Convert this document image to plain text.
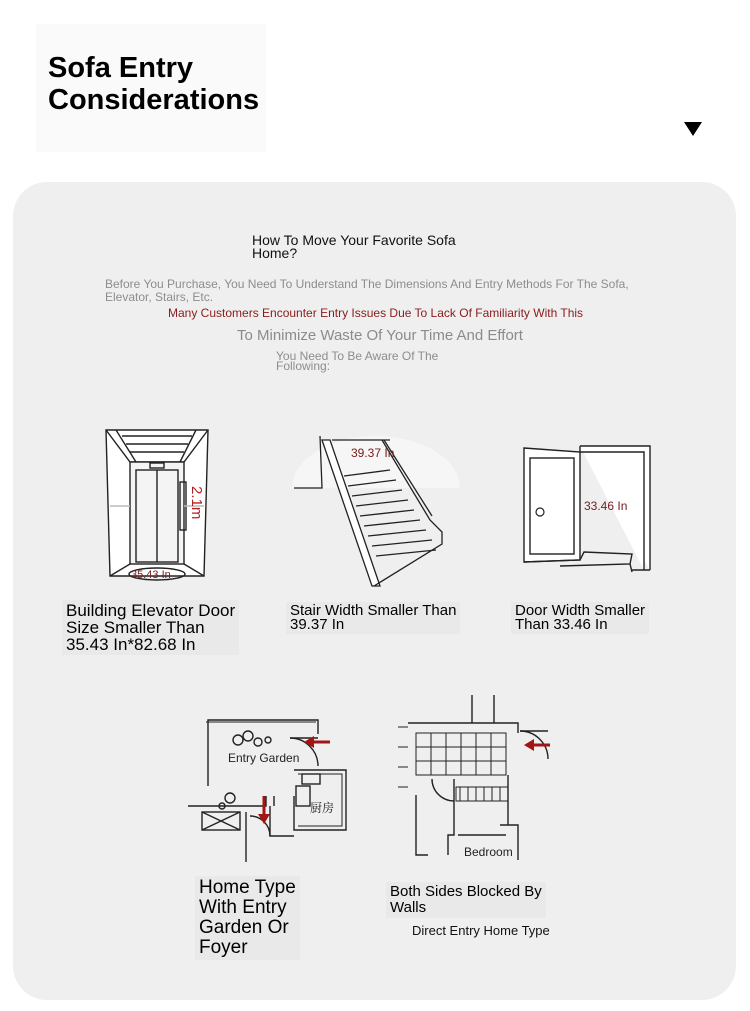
Sofa Entry
Considerations
How To Move Your Favorite Sofa
Home?
Before You Purchase, You Need To Understand The Dimensions And Entry Methods For The Sofa,
Elevator, Stairs, Etc.
Many Customers Encounter Entry Issues Due To Lack Of Familiarity With This
To Minimize Waste Of Your Time And Effort
You Need To Be Aware Of The
Following:
2.1m
35.43 In
39.37 In
33.46 In
Building Elevator Door
Size Smaller Than
35.43 In*82.68 In
Stair Width Smaller Than
39.37 In
Door Width Smaller
Than 33.46 In
Entry Garden
厨房
Bedroom
Home Type
With Entry
Garden Or
Foyer
Both Sides Blocked By
Walls
Direct Entry Home Type
